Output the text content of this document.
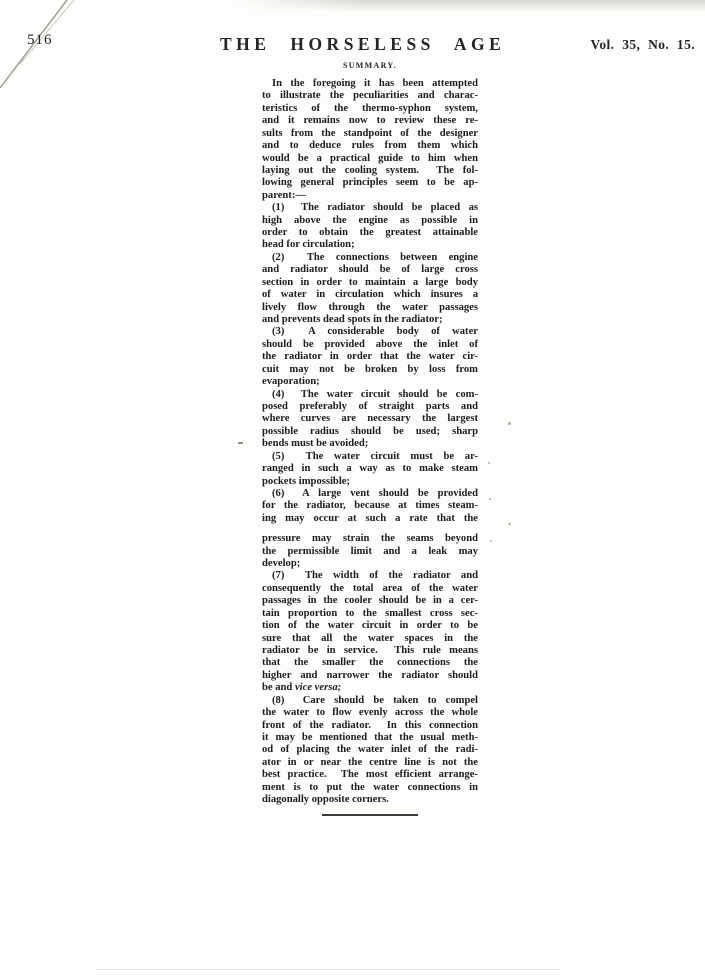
516	THE HORSELESS AGE	Vol. 35, No. 15.
SUMMARY.
In the foregoing it has been attempted
to illustrate the peculiarities and charac-
teristics of the thermo-syphon system,
and it remains now to review these re-
sults from the standpoint of the designer
and to deduce rules from them which
would be a practical guide to him when
laying out the cooling system.  The fol-
lowing general principles seem to be ap-
parent:—
(1)  The radiator should be placed as
high above the engine as possible in
order to obtain the greatest attainable
head for circulation;
(2)  The connections between engine
and radiator should be of large cross
section in order to maintain a large body
of water in circulation which insures a
lively flow through the water passages
and prevents dead spots in the radiator;
(3)  A considerable body of water
should be provided above the inlet of
the radiator in order that the water cir-
cuit may not be broken by loss from
evaporation;
(4)  The water circuit should be com-
posed preferably of straight parts and
where curves are necessary the largest
possible radius should be used; sharp
bends must be avoided;
(5)  The water circuit must be ar-
ranged in such a way as to make steam
pockets impossible;
(6)  A large vent should be provided
for the radiator, because at times steam-
ing may occur at such a rate that the
pressure may strain the seams beyond
the permissible limit and a leak may
develop;
(7)  The width of the radiator and
consequently the total area of the water
passages in the cooler should be in a cer-
tain proportion to the smallest cross sec-
tion of the water circuit in order to be
sure that all the water spaces in the
radiator be in service.  This rule means
that the smaller the connections the
higher and narrower the radiator should
be and vice versa;
(8)  Care should be taken to compel
the water to flow evenly across the whole
front of the radiator.  In this connection
it may be mentioned that the usual meth-
od of placing the water inlet of the radi-
ator in or near the centre line is not the
best practice.  The most efficient arrange-
ment is to put the water connections in
diagonally opposite corners.
